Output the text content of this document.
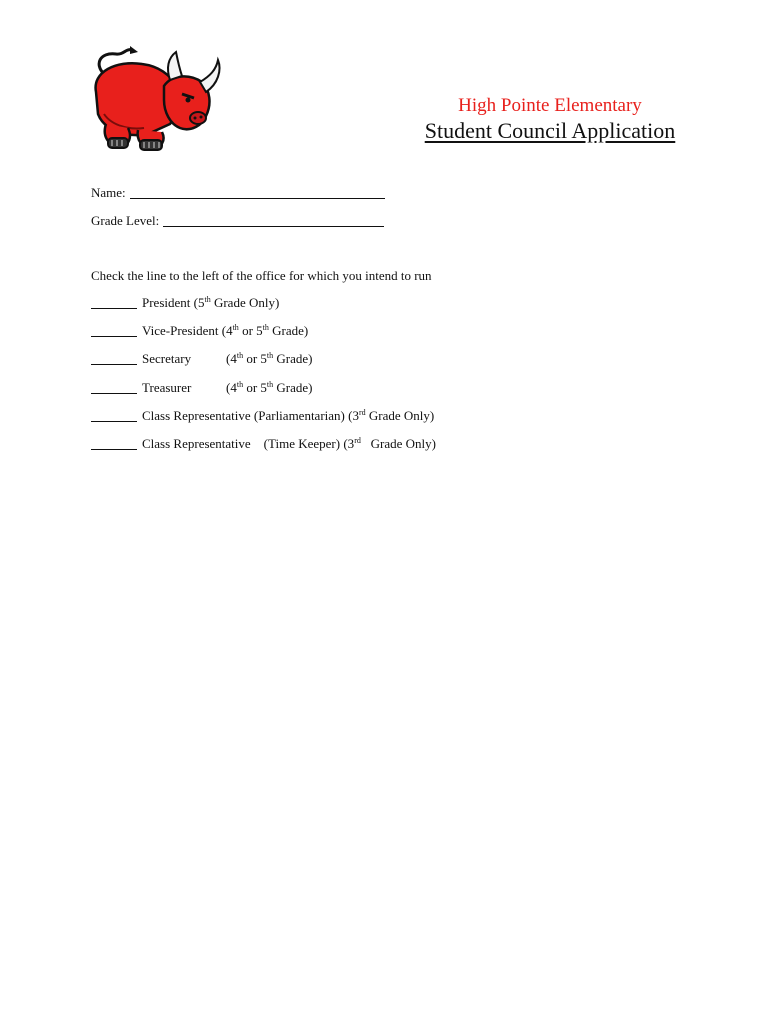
High Pointe Elementary
Student Council Application
Name:
Grade Level:
Check the line to the left of the office for which you intend to run
President (5th Grade Only)
Vice-President (4th or 5th Grade)
Secretary (4th or 5th Grade)
Treasurer (4th or 5th Grade)
Class Representative (Parliamentarian) (3rd Grade Only)
Class Representative    (Time Keeper) (3rd   Grade Only)
